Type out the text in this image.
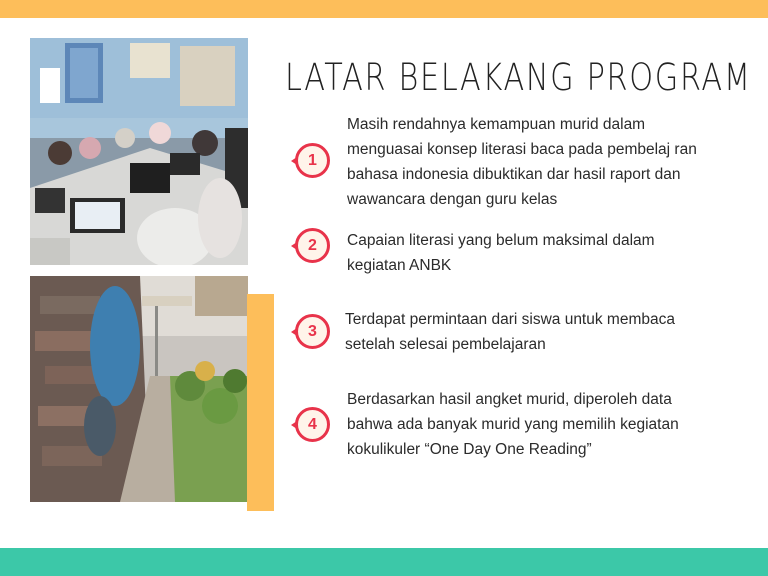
LATAR BELAKANG PROGRAM
1
Masih rendahnya kemampuan murid dalam
menguasai konsep literasi baca pada pembelaj ran
bahasa indonesia dibuktikan dar hasil raport dan
wawancara dengan guru kelas
2	Capaian literasi yang belum maksimal dalam
kegiatan ANBK
3
Terdapat permintaan dari siswa untuk membaca
setelah selesai pembelajaran
4
Berdasarkan hasil angket murid, diperoleh data
bahwa ada banyak murid yang memilih kegiatan
kokulikuler “One Day One Reading”
